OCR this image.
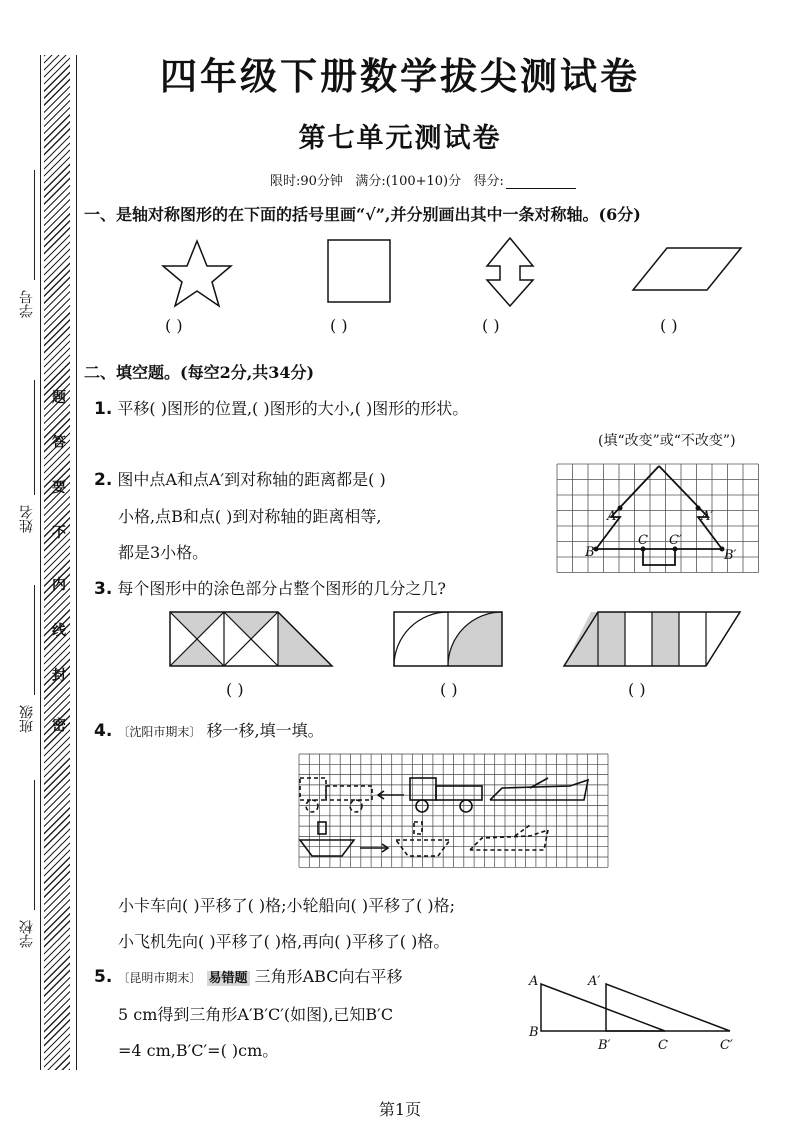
学号
姓名
班级
学校
题
答
要
不
内
线
封
密
四年级下册数学拔尖测试卷
第七单元测试卷
限时:90分钟 满分:(100+10)分 得分:
一、是轴对称图形的在下面的括号里画“√”,并分别画出其中一条对称轴。(6分)
( )	( )	( )	( )
二、填空题。(每空2分,共34分)
1. 平移( )图形的位置,( )图形的大小,( )图形的形状。
(填“改变”或“不改变”)
2. 图中点A和点A′到对称轴的距离都是( )
小格,点B和点( )到对称轴的距离相等,
都是3小格。
A	A′
B	B′
C C′
3. 每个图形中的涂色部分占整个图形的几分之几?
( )	( )	( )
4. 〔沈阳市期末〕 移一移,填一填。
小卡车向( )平移了( )格;小轮船向( )平移了( )格;
小飞机先向( )平移了( )格,再向( )平移了( )格。
5. 〔昆明市期末〕 易错题 三角形ABC向右平移
5 cm得到三角形A′B′C′(如图),已知B′C
=4 cm,B′C′=( )cm。
A	A′
B
B′	C	C′
第1页
